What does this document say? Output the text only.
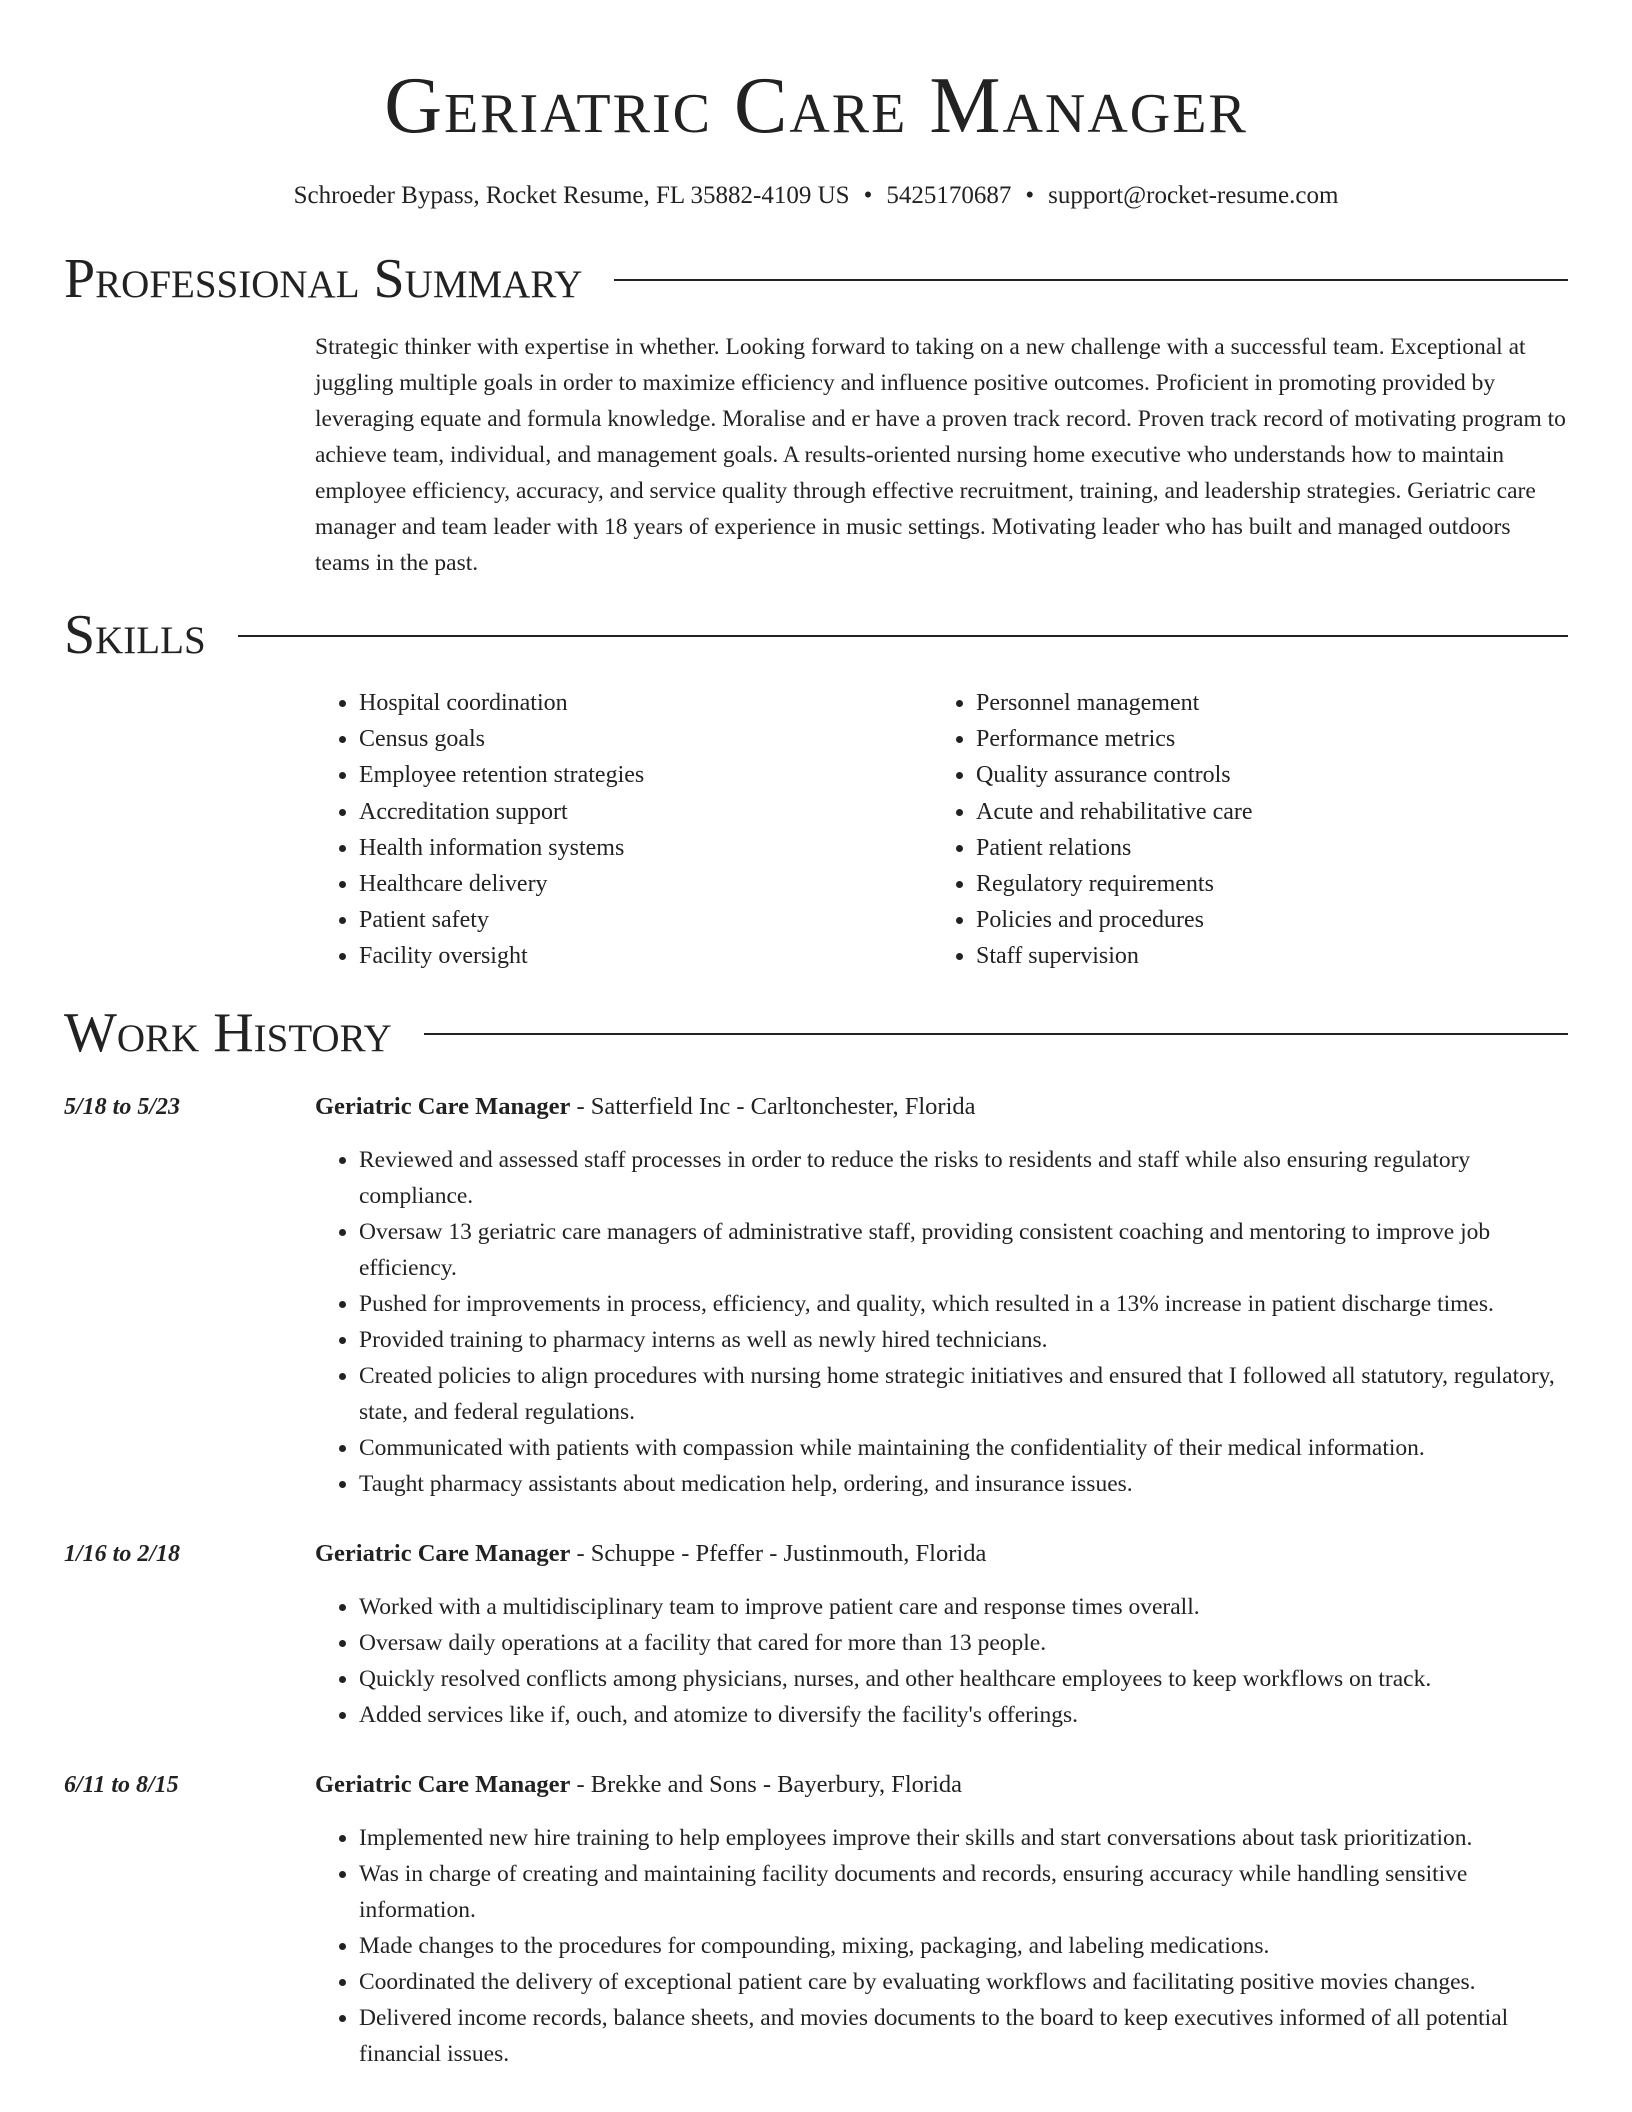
Geriatric Care Manager
Schroeder Bypass, Rocket Resume, FL 35882-4109 US • 5425170687 • support@rocket-resume.com
Professional Summary

Strategic thinker with expertise in whether. Looking forward to taking on a new challenge with a successful team. Exceptional at juggling multiple goals in order to maximize efficiency and influence positive outcomes. Proficient in promoting provided by leveraging equate and formula knowledge. Moralise and er have a proven track record. Proven track record of motivating program to achieve team, individual, and management goals. A results-oriented nursing home executive who understands how to maintain employee efficiency, accuracy, and service quality through effective recruitment, training, and leadership strategies. Geriatric care manager and team leader with 18 years of experience in music settings. Motivating leader who has built and managed outdoors teams in the past.

Skills
• Hospital coordination
• Census goals
• Employee retention strategies
• Accreditation support
• Health information systems
• Healthcare delivery
• Patient safety
• Facility oversight
• Personnel management
• Performance metrics
• Quality assurance controls
• Acute and rehabilitative care
• Patient relations
• Regulatory requirements
• Policies and procedures
• Staff supervision
Work History
5/18 to 5/23	Geriatric Care Manager - Satterfield Inc - Carltonchester, Florida
• Reviewed and assessed staff processes in order to reduce the risks to residents and staff while also ensuring regulatory compliance.
• Oversaw 13 geriatric care managers of administrative staff, providing consistent coaching and mentoring to improve job efficiency.
• Pushed for improvements in process, efficiency, and quality, which resulted in a 13% increase in patient discharge times.
• Provided training to pharmacy interns as well as newly hired technicians.
• Created policies to align procedures with nursing home strategic initiatives and ensured that I followed all statutory, regulatory, state, and federal regulations.
• Communicated with patients with compassion while maintaining the confidentiality of their medical information.
• Taught pharmacy assistants about medication help, ordering, and insurance issues.
1/16 to 2/18	Geriatric Care Manager - Schuppe - Pfeffer - Justinmouth, Florida
• Worked with a multidisciplinary team to improve patient care and response times overall.
• Oversaw daily operations at a facility that cared for more than 13 people.
• Quickly resolved conflicts among physicians, nurses, and other healthcare employees to keep workflows on track.
• Added services like if, ouch, and atomize to diversify the facility's offerings.
6/11 to 8/15	Geriatric Care Manager - Brekke and Sons - Bayerbury, Florida
• Implemented new hire training to help employees improve their skills and start conversations about task prioritization.
• Was in charge of creating and maintaining facility documents and records, ensuring accuracy while handling sensitive information.
• Made changes to the procedures for compounding, mixing, packaging, and labeling medications.
• Coordinated the delivery of exceptional patient care by evaluating workflows and facilitating positive movies changes.
• Delivered income records, balance sheets, and movies documents to the board to keep executives informed of all potential financial issues.
